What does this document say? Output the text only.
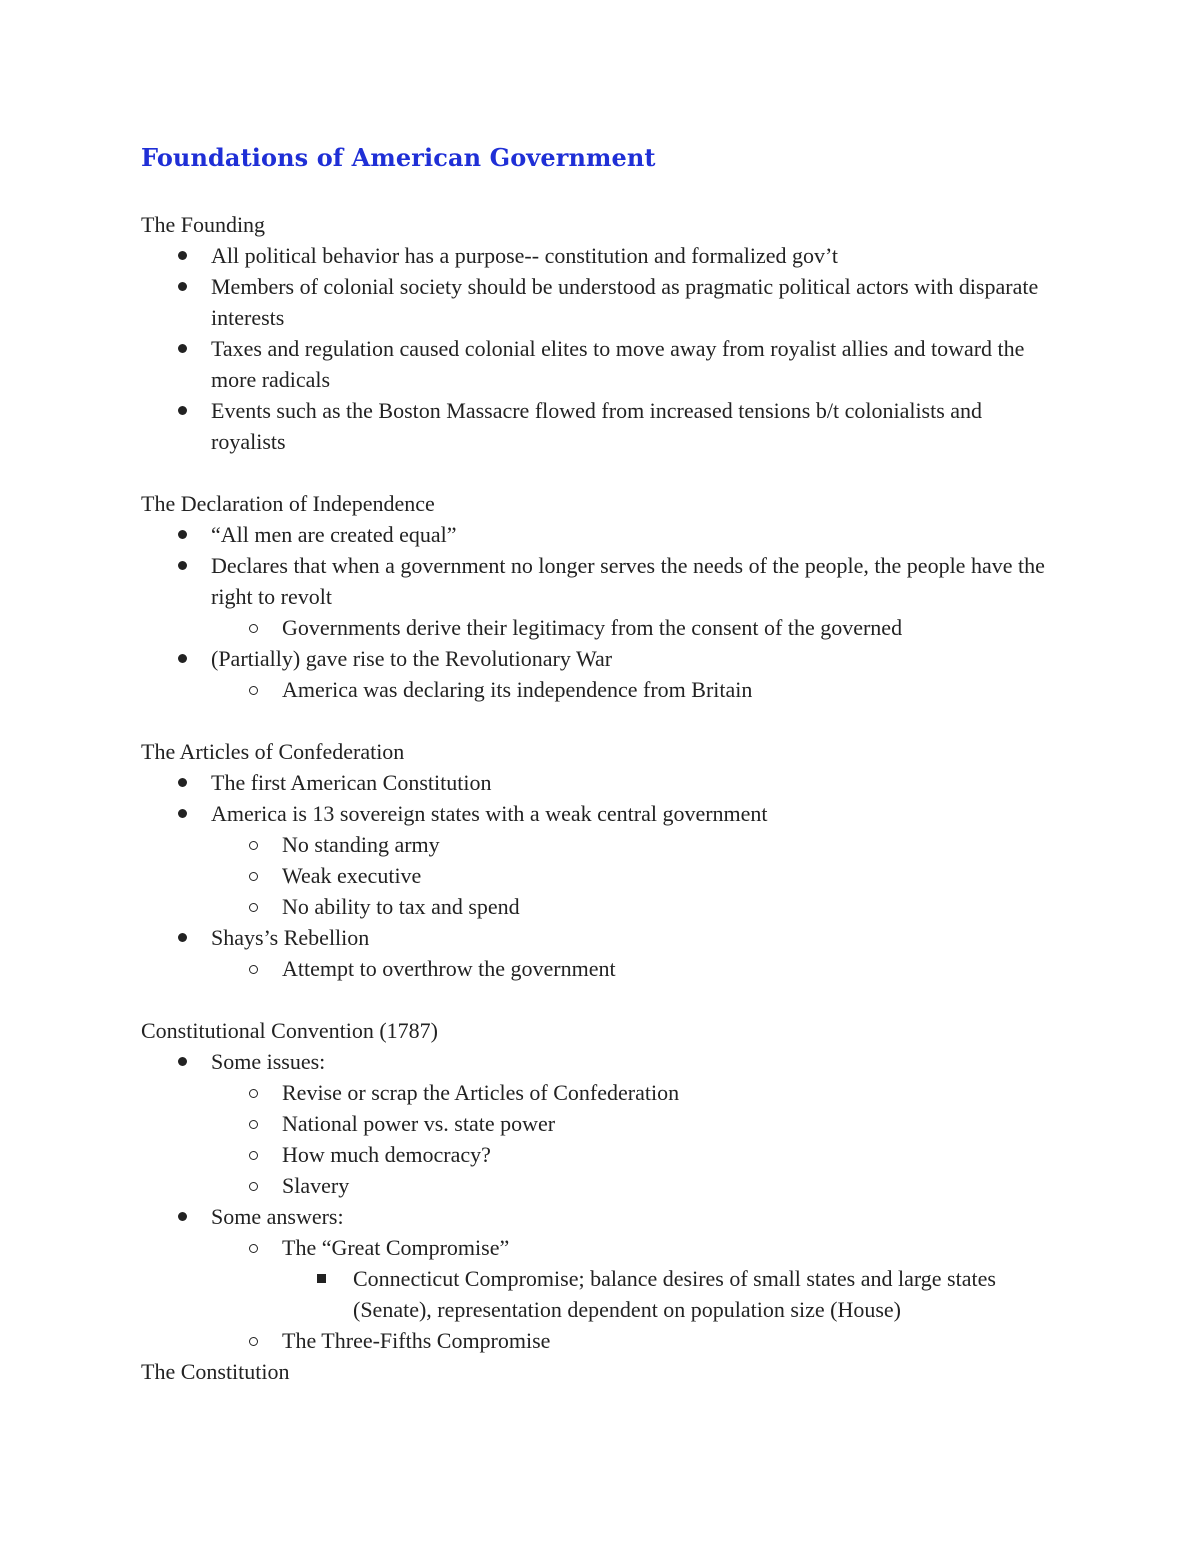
Foundations of American Government

The Founding

All political behavior has a purpose-- constitution and formalized gov’t
Members of colonial society should be understood as pragmatic political actors with disparate interests
Taxes and regulation caused colonial elites to move away from royalist allies and toward the more radicals
Events such as the Boston Massacre flowed from increased tensions b/t colonialists and royalists

The Declaration of Independence

“All men are created equal”
Declares that when a government no longer serves the needs of the people, the people have the right to revolt
Governments derive their legitimacy from the consent of the governed
(Partially) gave rise to the Revolutionary War
America was declaring its independence from Britain

The Articles of Confederation

The first American Constitution
America is 13 sovereign states with a weak central government
No standing army
Weak executive
No ability to tax and spend
Shays’s Rebellion
Attempt to overthrow the government

Constitutional Convention (1787)

Some issues:
Revise or scrap the Articles of Confederation
National power vs. state power
How much democracy?
Slavery
Some answers:
The “Great Compromise”
Connecticut Compromise; balance desires of small states and large states (Senate), representation dependent on population size (House)
The Three-Fifths Compromise

The Constitution
